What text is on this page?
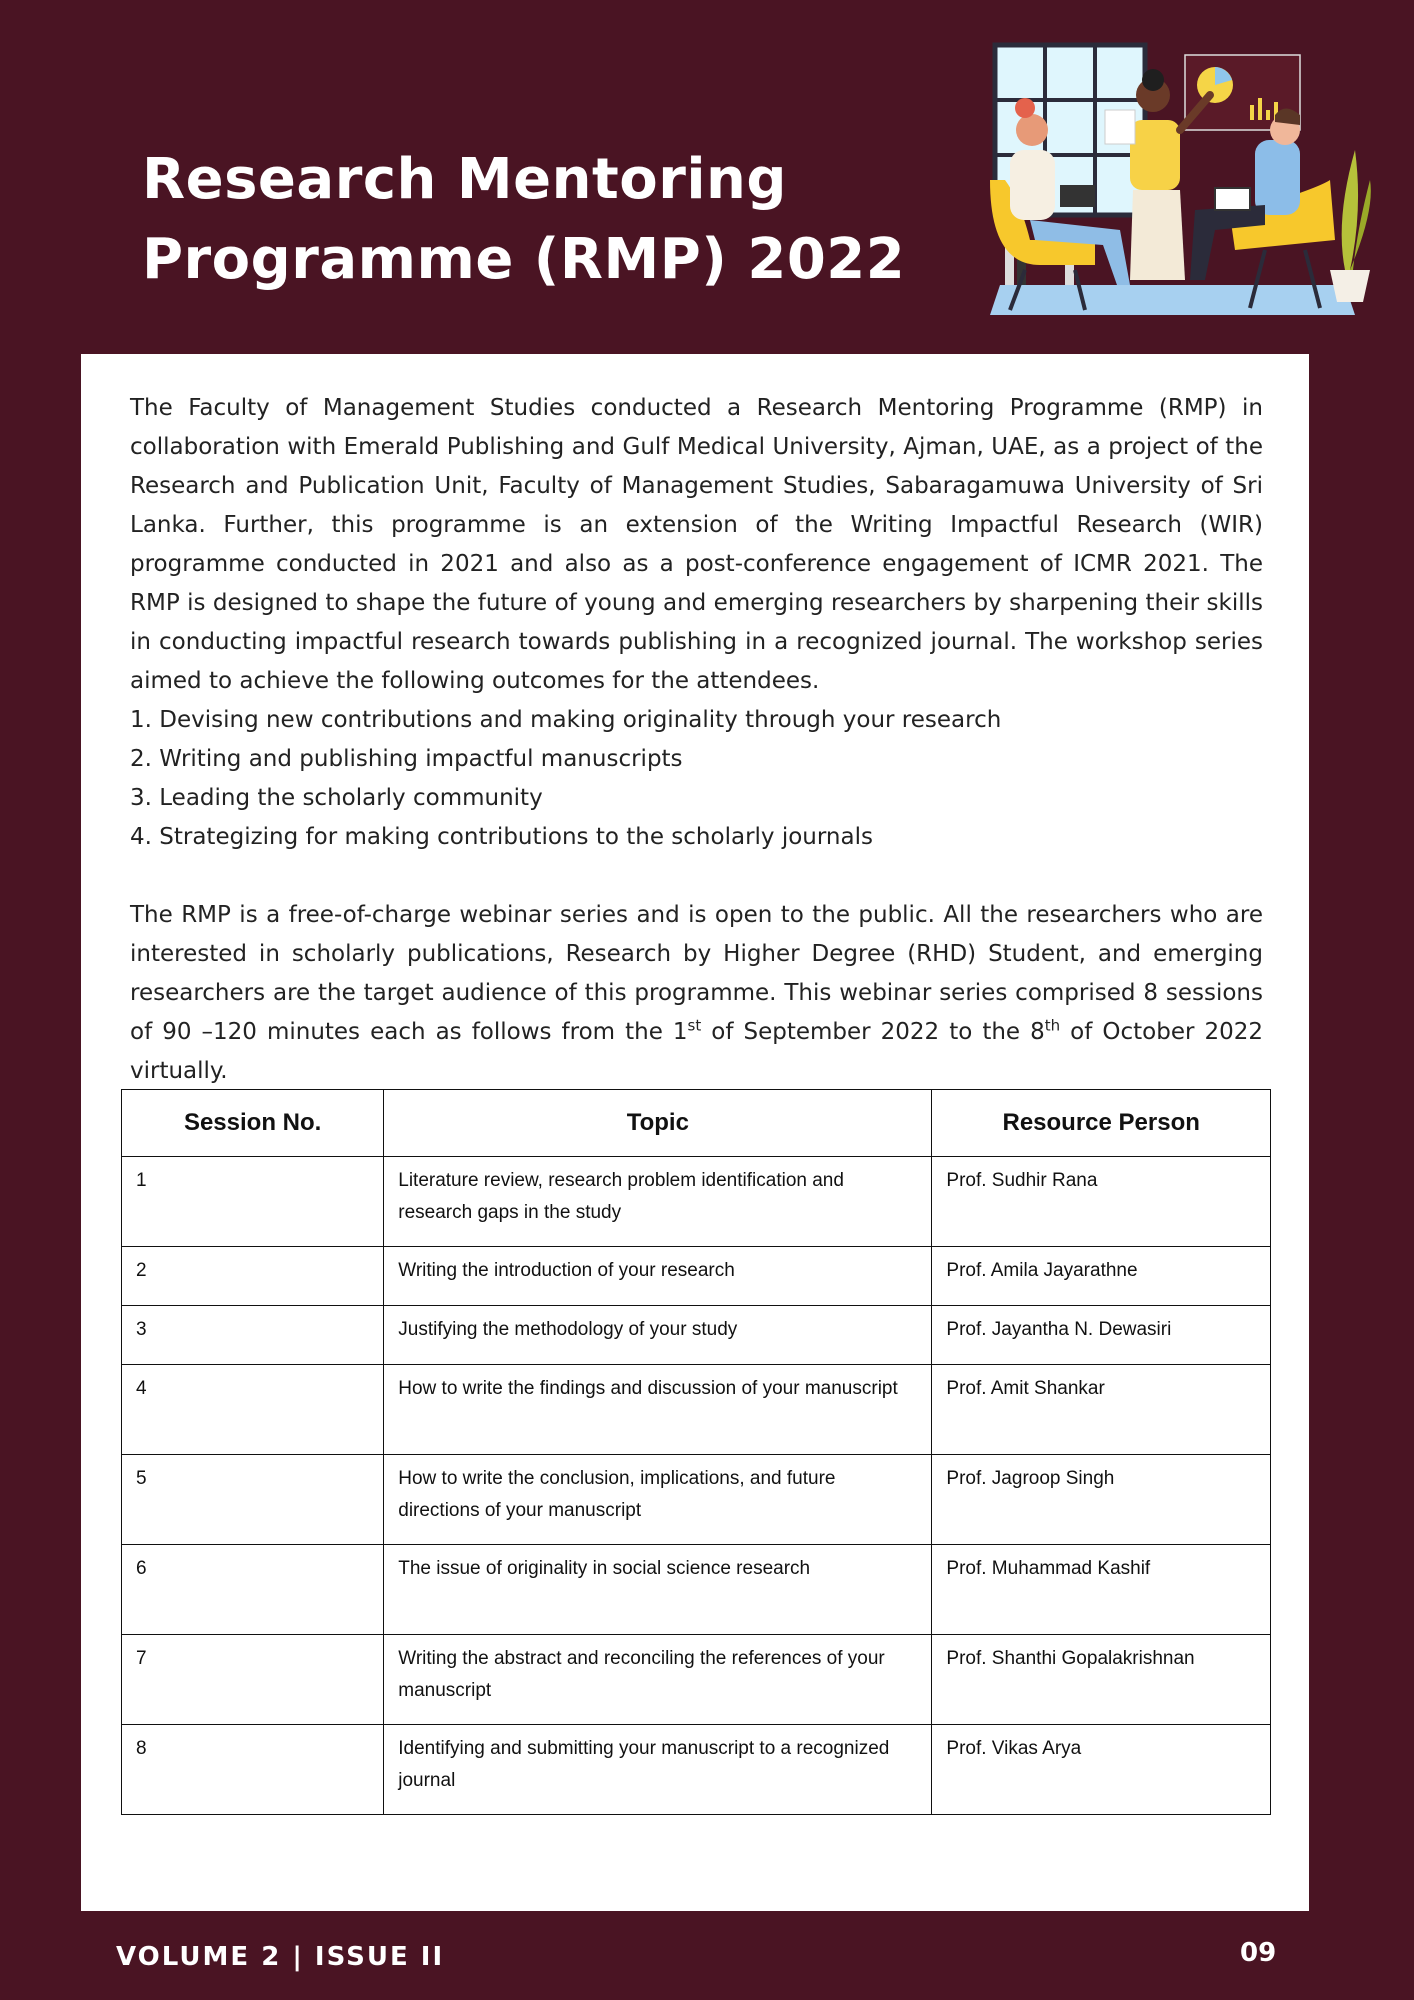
Research Mentoring
Programme (RMP) 2022

The Faculty of Management Studies conducted a Research Mentoring Programme (RMP) in collaboration with Emerald Publishing and Gulf Medical University, Ajman, UAE, as a project of the Research and Publication Unit, Faculty of Management Studies, Sabaragamuwa University of Sri Lanka. Further, this programme is an extension of the Writing Impactful Research (WIR) programme conducted in 2021 and also as a post-conference engagement of ICMR 2021. The RMP is designed to shape the future of young and emerging researchers by sharpening their skills in conducting impactful research towards publishing in a recognized journal. The workshop series aimed to achieve the following outcomes for the attendees.

1. Devising new contributions and making originality through your research

2. Writing and publishing impactful manuscripts

3. Leading the scholarly community

4. Strategizing for making contributions to the scholarly journals

The RMP is a free-of-charge webinar series and is open to the public. All the researchers who are interested in scholarly publications, Research by Higher Degree (RHD) Student, and emerging researchers are the target audience of this programme. This webinar series comprised 8 sessions of 90 –120 minutes each as follows from the 1st of September 2022 to the 8th of October 2022 virtually.

Session No.	Topic	Resource Person
1	Literature review, research problem identification and research gaps in the study	Prof. Sudhir Rana
2	Writing the introduction of your research	Prof. Amila Jayarathne
3	Justifying the methodology of your study	Prof. Jayantha N. Dewasiri
4	How to write the findings and discussion of your manuscript	Prof. Amit Shankar
5	How to write the conclusion, implications, and future directions of your manuscript	Prof. Jagroop Singh
6	The issue of originality in social science research	Prof. Muhammad Kashif
7	Writing the abstract and reconciling the references of your manuscript	Prof. Shanthi Gopalakrishnan
8	Identifying and submitting your manuscript to a recognized journal	Prof. Vikas Arya
VOLUME 2 | ISSUE II	09
